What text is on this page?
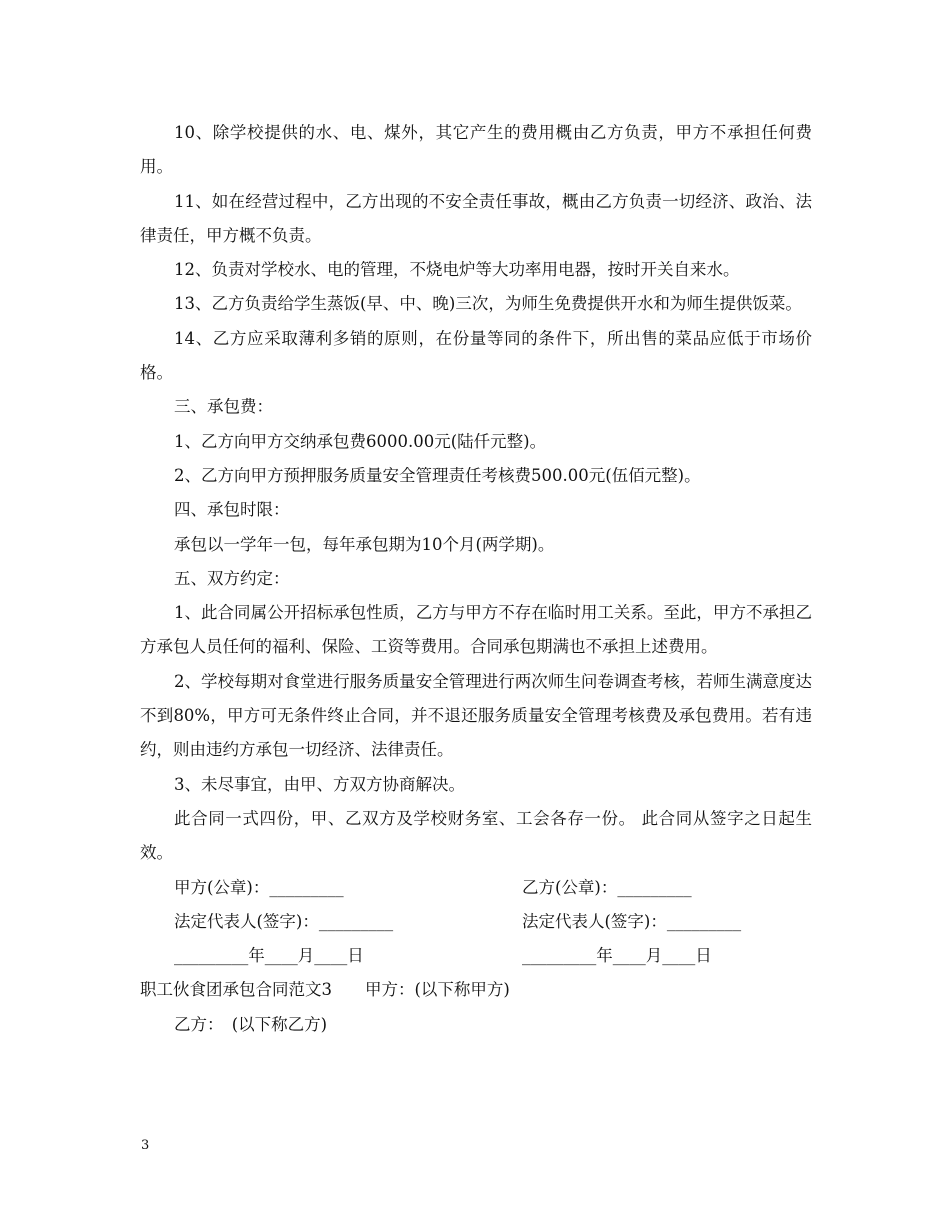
10、除学校提供的水、电、煤外，其它产生的费用概由乙方负责，甲方不承担任何费用。

11、如在经营过程中，乙方出现的不安全责任事故，概由乙方负责一切经济、政治、法律责任，甲方概不负责。

12、负责对学校水、电的管理，不烧电炉等大功率用电器，按时开关自来水。

13、乙方负责给学生蒸饭(早、中、晚)三次，为师生免费提供开水和为师生提供饭菜。

14、乙方应采取薄利多销的原则，在份量等同的条件下，所出售的菜品应低于市场价格。

三、承包费：

1、乙方向甲方交纳承包费6000.00元(陆仟元整)。

2、乙方向甲方预押服务质量安全管理责任考核费500.00元(伍佰元整)。

四、承包时限：

承包以一学年一包，每年承包期为10个月(两学期)。

五、双方约定：

1、此合同属公开招标承包性质，乙方与甲方不存在临时用工关系。至此，甲方不承担乙方承包人员任何的福利、保险、工资等费用。合同承包期满也不承担上述费用。

2、学校每期对食堂进行服务质量安全管理进行两次师生问卷调查考核，若师生满意度达不到80%，甲方可无条件终止合同，并不退还服务质量安全管理考核费及承包费用。若有违约，则由违约方承包一切经济、法律责任。

3、未尽事宜，由甲、方双方协商解决。

此合同一式四份，甲、乙双方及学校财务室、工会各存一份。 此合同从签字之日起生效。

甲方(公章)：_________	乙方(公章)：_________
法定代表人(签字)：_________	法定代表人(签字)：_________
_________年____月____日	_________年____月____日
职工伙食团承包合同范文3　　甲方：(以下称甲方)
乙方：　(以下称乙方)
3
